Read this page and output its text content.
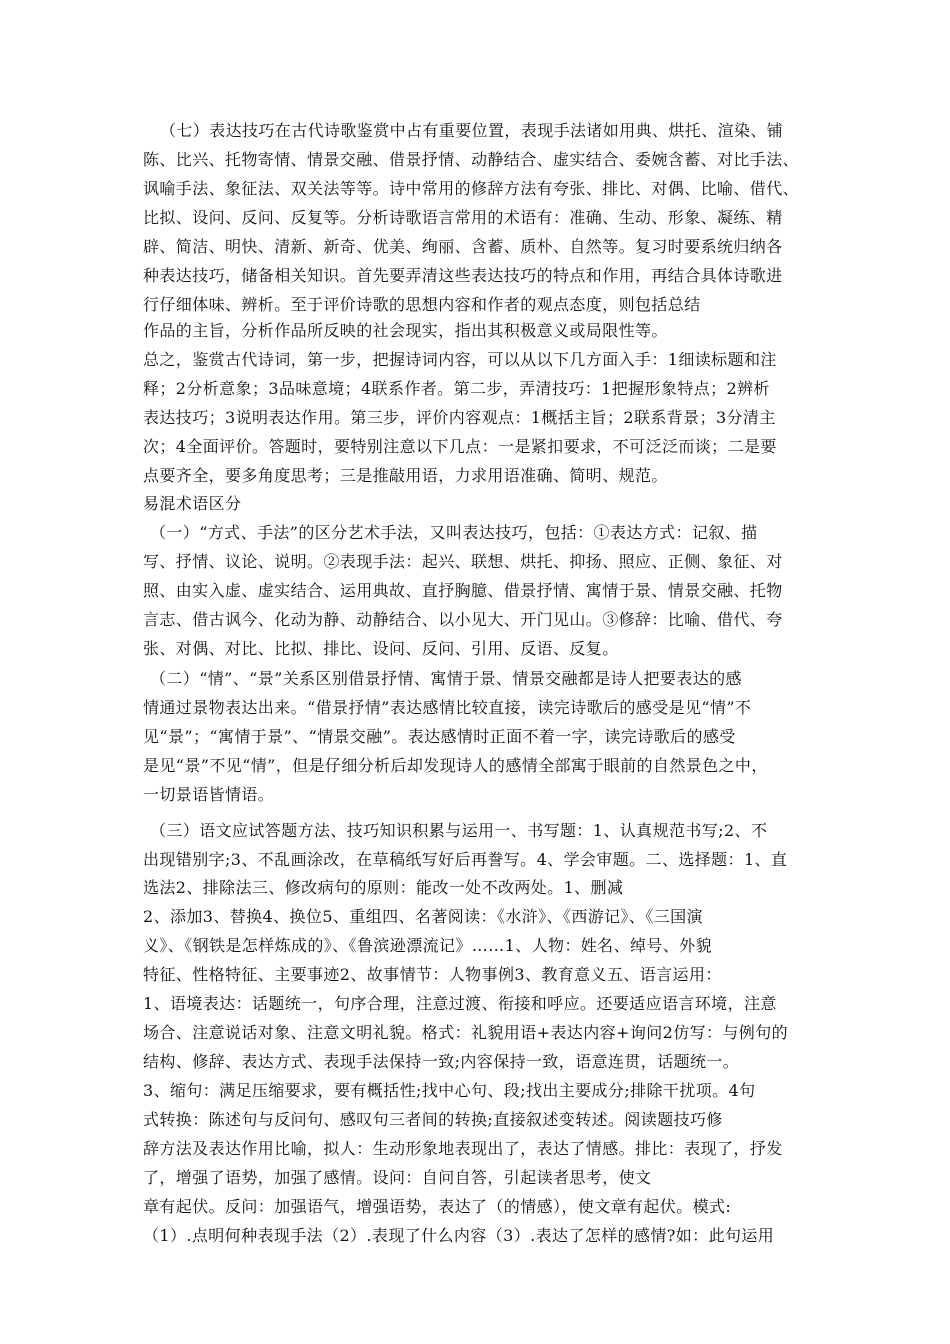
（七）表达技巧在古代诗歌鉴赏中占有重要位置，表现手法诸如用典、烘托、渲染、铺
陈、比兴、托物寄情、情景交融、借景抒情、动静结合、虚实结合、委婉含蓄、对比手法、
讽喻手法、象征法、双关法等等。诗中常用的修辞方法有夸张、排比、对偶、比喻、借代、
比拟、设问、反问、反复等。分析诗歌语言常用的术语有：准确、生动、形象、凝练、精
辟、简洁、明快、清新、新奇、优美、绚丽、含蓄、质朴、自然等。复习时要系统归纳各
种表达技巧，储备相关知识。首先要弄清这些表达技巧的特点和作用，再结合具体诗歌进
行仔细体味、辨析。至于评价诗歌的思想内容和作者的观点态度，则包括总结
作品的主旨，分析作品所反映的社会现实，指出其积极意义或局限性等。
总之，鉴赏古代诗词，第一步，把握诗词内容，可以从以下几方面入手：1细读标题和注
释；2分析意象；3品味意境；4联系作者。第二步，弄清技巧：1把握形象特点；2辨析
表达技巧；3说明表达作用。第三步，评价内容观点：1概括主旨；2联系背景；3分清主
次；4全面评价。答题时，要特别注意以下几点：一是紧扣要求，不可泛泛而谈；二是要
点要齐全，要多角度思考；三是推敲用语，力求用语准确、简明、规范。
易混术语区分
（一）“方式、手法”的区分艺术手法，又叫表达技巧，包括：①表达方式：记叙、描
写、抒情、议论、说明。②表现手法：起兴、联想、烘托、抑扬、照应、正侧、象征、对
照、由实入虚、虚实结合、运用典故、直抒胸臆、借景抒情、寓情于景、情景交融、托物
言志、借古讽今、化动为静、动静结合、以小见大、开门见山。③修辞：比喻、借代、夸
张、对偶、对比、比拟、排比、设问、反问、引用、反语、反复。
（二）“情”、“景”关系区别借景抒情、寓情于景、情景交融都是诗人把要表达的感
情通过景物表达出来。“借景抒情”表达感情比较直接，读完诗歌后的感受是见“情”不
见“景”；“寓情于景”、“情景交融”。表达感情时正面不着一字，读完诗歌后的感受
是见“景”不见“情”，但是仔细分析后却发现诗人的感情全部寓于眼前的自然景色之中，
一切景语皆情语。
（三）语文应试答题方法、技巧知识积累与运用一、书写题：1、认真规范书写;2、不
出现错别字;3、不乱画涂改，在草稿纸写好后再誊写。4、学会审题。二、选择题：1、直
选法2、排除法三、修改病句的原则：能改一处不改两处。1、删减
2、添加3、替换4、换位5、重组四、名著阅读：《水浒》、《西游记》、《三国演
义》、《钢铁是怎样炼成的》、《鲁滨逊漂流记》……1、人物：姓名、绰号、外貌
特征、性格特征、主要事迹2、故事情节：人物事例3、教育意义五、语言运用：
1、语境表达：话题统一，句序合理，注意过渡、衔接和呼应。还要适应语言环境，注意
场合、注意说话对象、注意文明礼貌。格式：礼貌用语+表达内容+询问2仿写：与例句的
结构、修辞、表达方式、表现手法保持一致;内容保持一致，语意连贯，话题统一。
3、缩句：满足压缩要求，要有概括性;找中心句、段;找出主要成分;排除干扰项。4句
式转换：陈述句与反问句、感叹句三者间的转换;直接叙述变转述。阅读题技巧修
辞方法及表达作用比喻，拟人：生动形象地表现出了，表达了情感。排比：表现了，抒发
了，增强了语势，加强了感情。设问：自问自答，引起读者思考，使文
章有起伏。反问：加强语气，增强语势，表达了（的情感），使文章有起伏。模式:
（1）.点明何种表现手法（2）.表现了什么内容（3）.表达了怎样的感情?如：此句运用
